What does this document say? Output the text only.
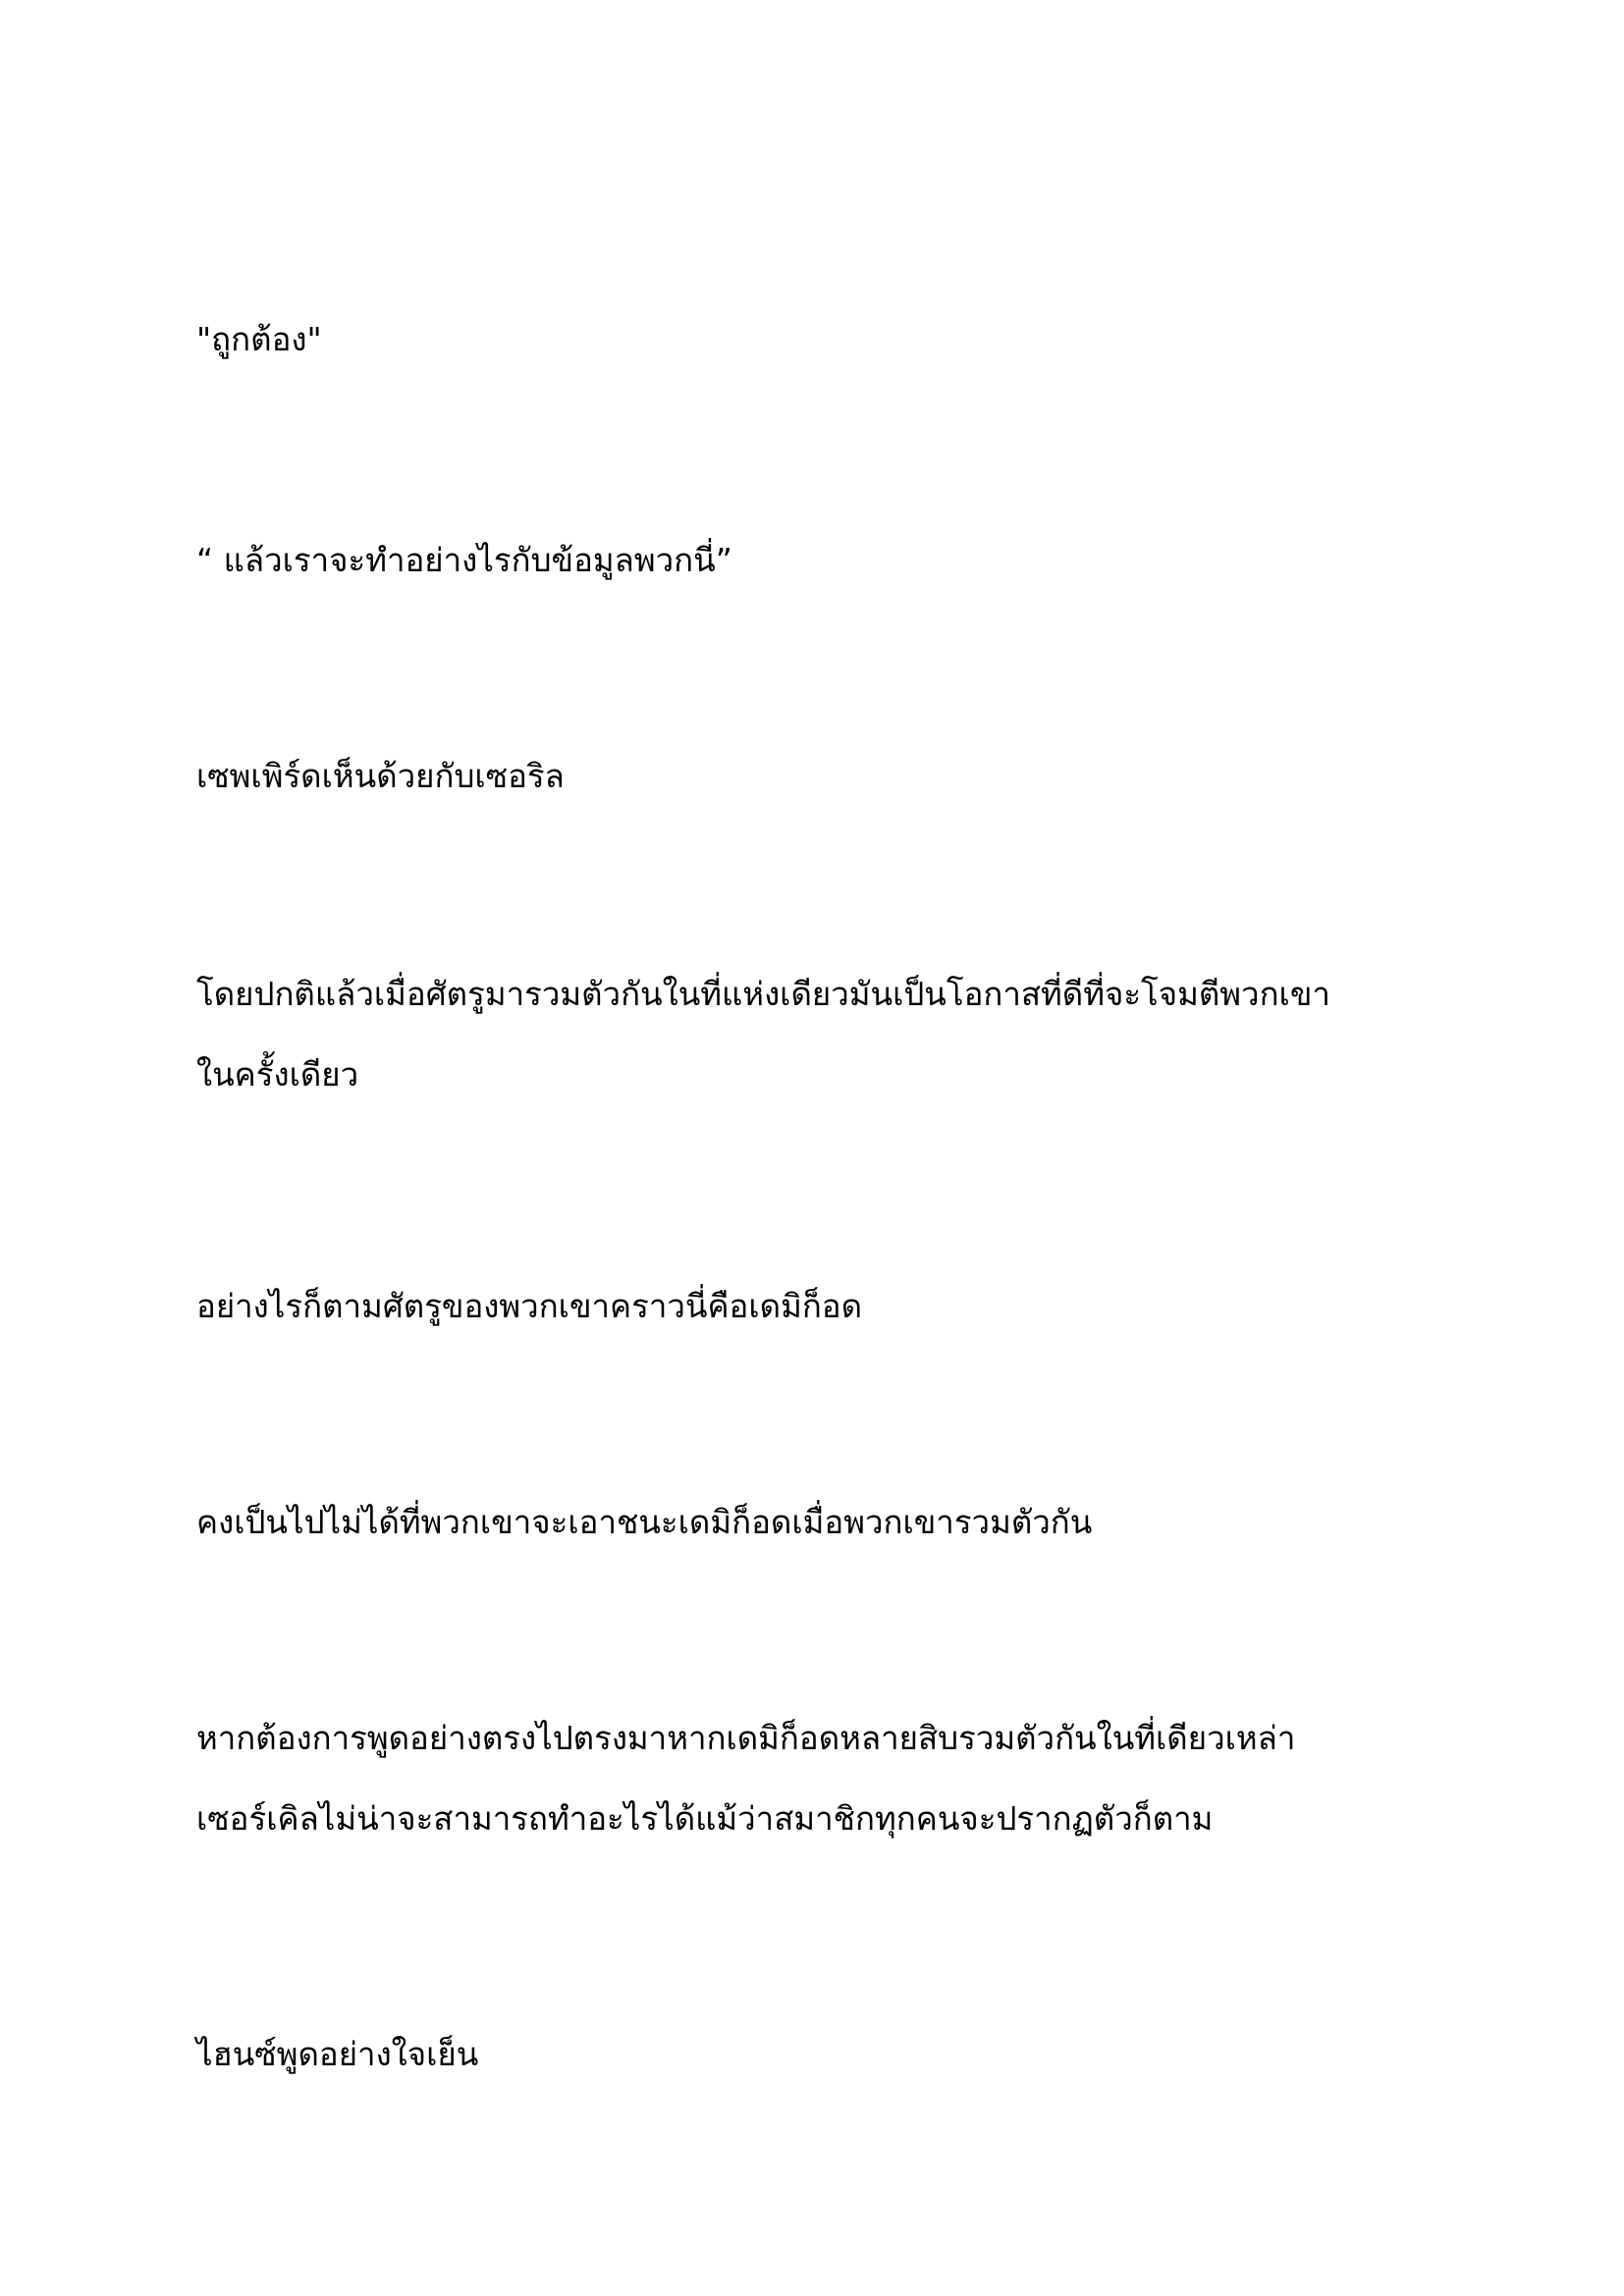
"ถูกต้อง"

“ แล้วเราจะทำอย่างไรกับข้อมูลพวกนี่”

เซพเพิร์ดเห็นด้วยกับเซอริล

โดยปกติแล้วเมื่อศัตรูมารวมตัวกันในที่แห่งเดียวมันเป็นโอกาสที่ดีที่จะโจมตีพวกเขา
ในครั้งเดียว

อย่างไรก็ตามศัตรูของพวกเขาคราวนี่คือเดมิก็อด

คงเป็นไปไม่ได้ที่พวกเขาจะเอาชนะเดมิก็อดเมื่อพวกเขารวมตัวกัน

หากต้องการพูดอย่างตรงไปตรงมาหากเดมิก็อดหลายสิบรวมตัวกันในที่เดียวเหล่า
เซอร์เคิลไม่น่าจะสามารถทำอะไรได้แม้ว่าสมาชิกทุกคนจะปรากฏตัวก็ตาม

ไฮนซ์พูดอย่างใจเย็น
